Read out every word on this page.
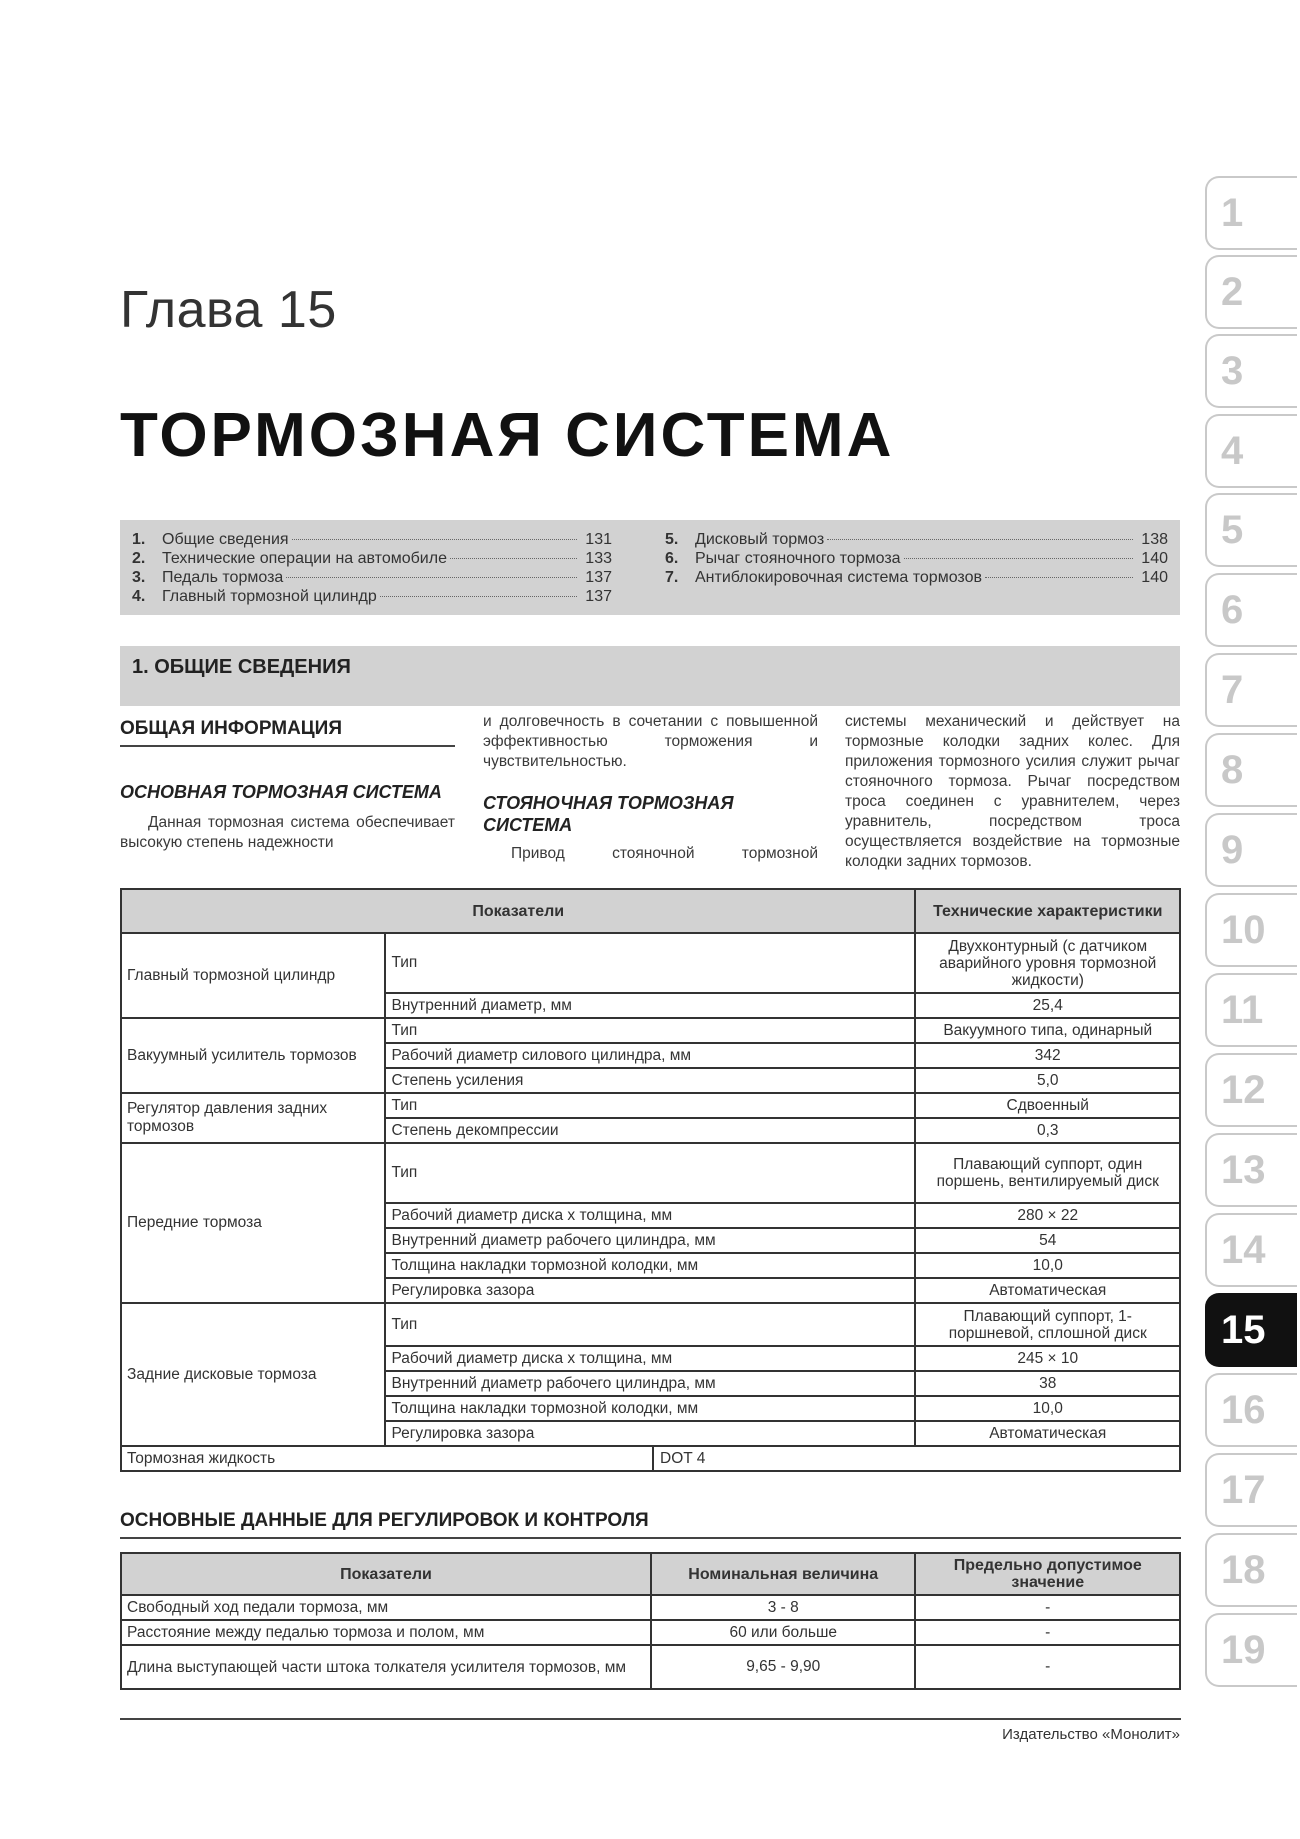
Глава 15
ТОРМОЗНАЯ СИСТЕМА
1.	Общие сведения	131
2.	Технические операции на автомобиле	133
3.	Педаль тормоза	137
4.	Главный тормозной цилиндр	137
5.	Дисковый тормоз	138
6.	Рычаг стояночного тормоза	140
7.	Антиблокировочная система тормозов	140
1. ОБЩИЕ СВЕДЕНИЯ
ОБЩАЯ ИНФОРМАЦИЯ
ОСНОВНАЯ ТОРМОЗНАЯ СИСТЕМА
Данная тормозная система обеспечивает высокую степень надежности
и долговечность в сочетании с повышенной эффективностью торможения и чувствительностью.
СТОЯНОЧНАЯ ТОРМОЗНАЯ СИСТЕМА
Привод стояночной тормозной
системы механический и действует на тормозные колодки задних колес. Для приложения тормозного усилия служит рычаг стояночного тормоза. Рычаг посредством троса соединен с уравнителем, через уравнитель, посредством троса осуществляется воздействие на тормозные колодки задних тормозов.
Показатели		Технические характеристики
Главный тормозной цилиндр	Тип	Двухконтурный (с датчиком аварийного уровня тормозной жидкости)
	Внутренний диаметр, мм	25,4
Вакуумный усилитель тормозов	Тип	Вакуумного типа, одинарный
	Рабочий диаметр силового цилиндра, мм	342
	Степень усиления	5,0
Регулятор давления задних тормозов	Тип	Сдвоенный
	Степень декомпрессии	0,3
Передние тормоза	Тип	Плавающий суппорт, один поршень, вентилируемый диск
	Рабочий диаметр диска х толщина, мм	280 × 22
	Внутренний диаметр рабочего цилиндра, мм	54
	Толщина накладки тормозной колодки, мм	10,0
	Регулировка зазора	Автоматическая
Задние дисковые тормоза	Тип	Плавающий суппорт, 1-поршневой, сплошной диск
	Рабочий диаметр диска х толщина, мм	245 × 10
	Внутренний диаметр рабочего цилиндра, мм	38
	Толщина накладки тормозной колодки, мм	10,0
	Регулировка зазора	Автоматическая

Тормозная жидкость DOT 4		
ОСНОВНЫЕ ДАННЫЕ ДЛЯ РЕГУЛИРОВОК И КОНТРОЛЯ
Показатели	Номинальная величина	Предельно допустимое значение
Свободный ход педали тормоза, мм	3 - 8	-
Расстояние между педалью тормоза и полом, мм	60 или больше	-
Длина выступающей части штока толкателя усилителя тормозов, мм	9,65 - 9,90	-
Издательство «Монолит»
1
2
3
4
5
6
7
8
9
10
11
12
13
14
15
16
17
18
19
